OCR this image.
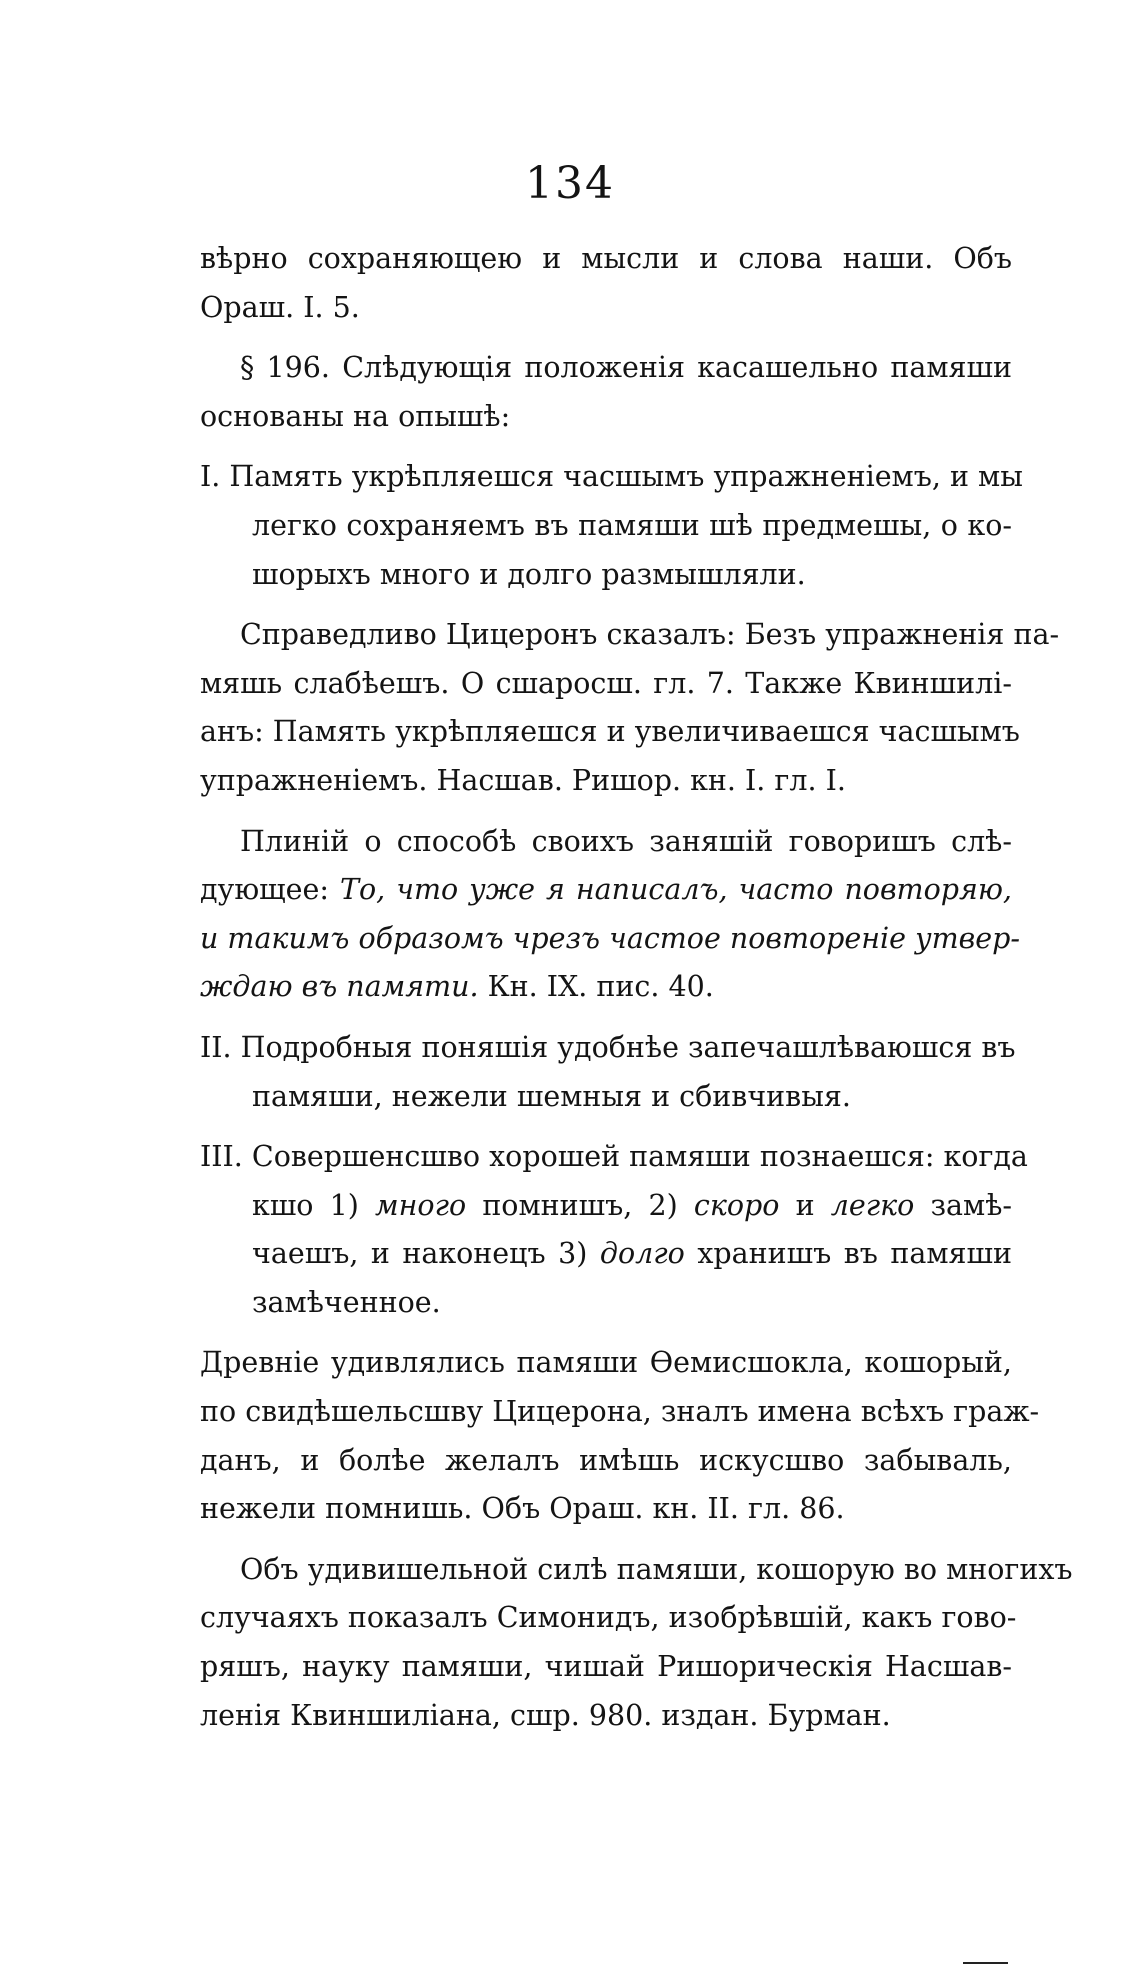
134
вѣрно сохраняющею и мысли и слова наши. Объ
Ораш. I. 5.
§ 196. Слѣдующія положенія касашельно памяши
основаны на опышѣ:
I. Память укрѣпляешся часшымъ упражненіемъ, и мы
легко сохраняемъ въ памяши шѣ предмешы, о ко-
шорыхъ много и долго размышляли.
Справедливо Цицеронъ сказалъ: Безъ упражненія па-
мяшь слабѣешъ. О сшаросш. гл. 7. Также Квиншилі-
анъ: Память укрѣпляешся и увеличиваешся часшымъ
упражненіемъ. Насшав. Ришор. кн. I. гл. I.
Плиній о способѣ своихъ заняшій говоришъ слѣ-
дующее: То, что уже я написалъ, часто повторяю,
и такимъ образомъ чрезъ частое повтореніе утвер-
ждаю въ памяти. Кн. IX. пис. 40.
II. Подробныя поняшія удобнѣе запечашлѣваюшся въ
памяши, нежели шемныя и сбивчивыя.
III. Совершенсшво хорошей памяши познаешся: когда
кшо 1) много помнишъ, 2) скоро и легко замѣ-
чаешъ, и наконецъ 3) долго хранишъ въ памяши
замѣченное.
Древніе удивлялись памяши Ѳемисшокла, кошорый,
по свидѣшельсшву Цицерона, зналъ имена всѣхъ граж-
данъ, и болѣе желалъ имѣшь искусшво забываль,
нежели помнишь. Объ Ораш. кн. II. гл. 86.
Объ удивишельной силѣ памяши, кошорую во многихъ
случаяхъ показалъ Симонидъ, изобрѣвшій, какъ гово-
ряшъ, науку памяши, чишай Ришорическія Насшав-
ленія Квиншиліана, сшр. 980. издан. Бурман.
